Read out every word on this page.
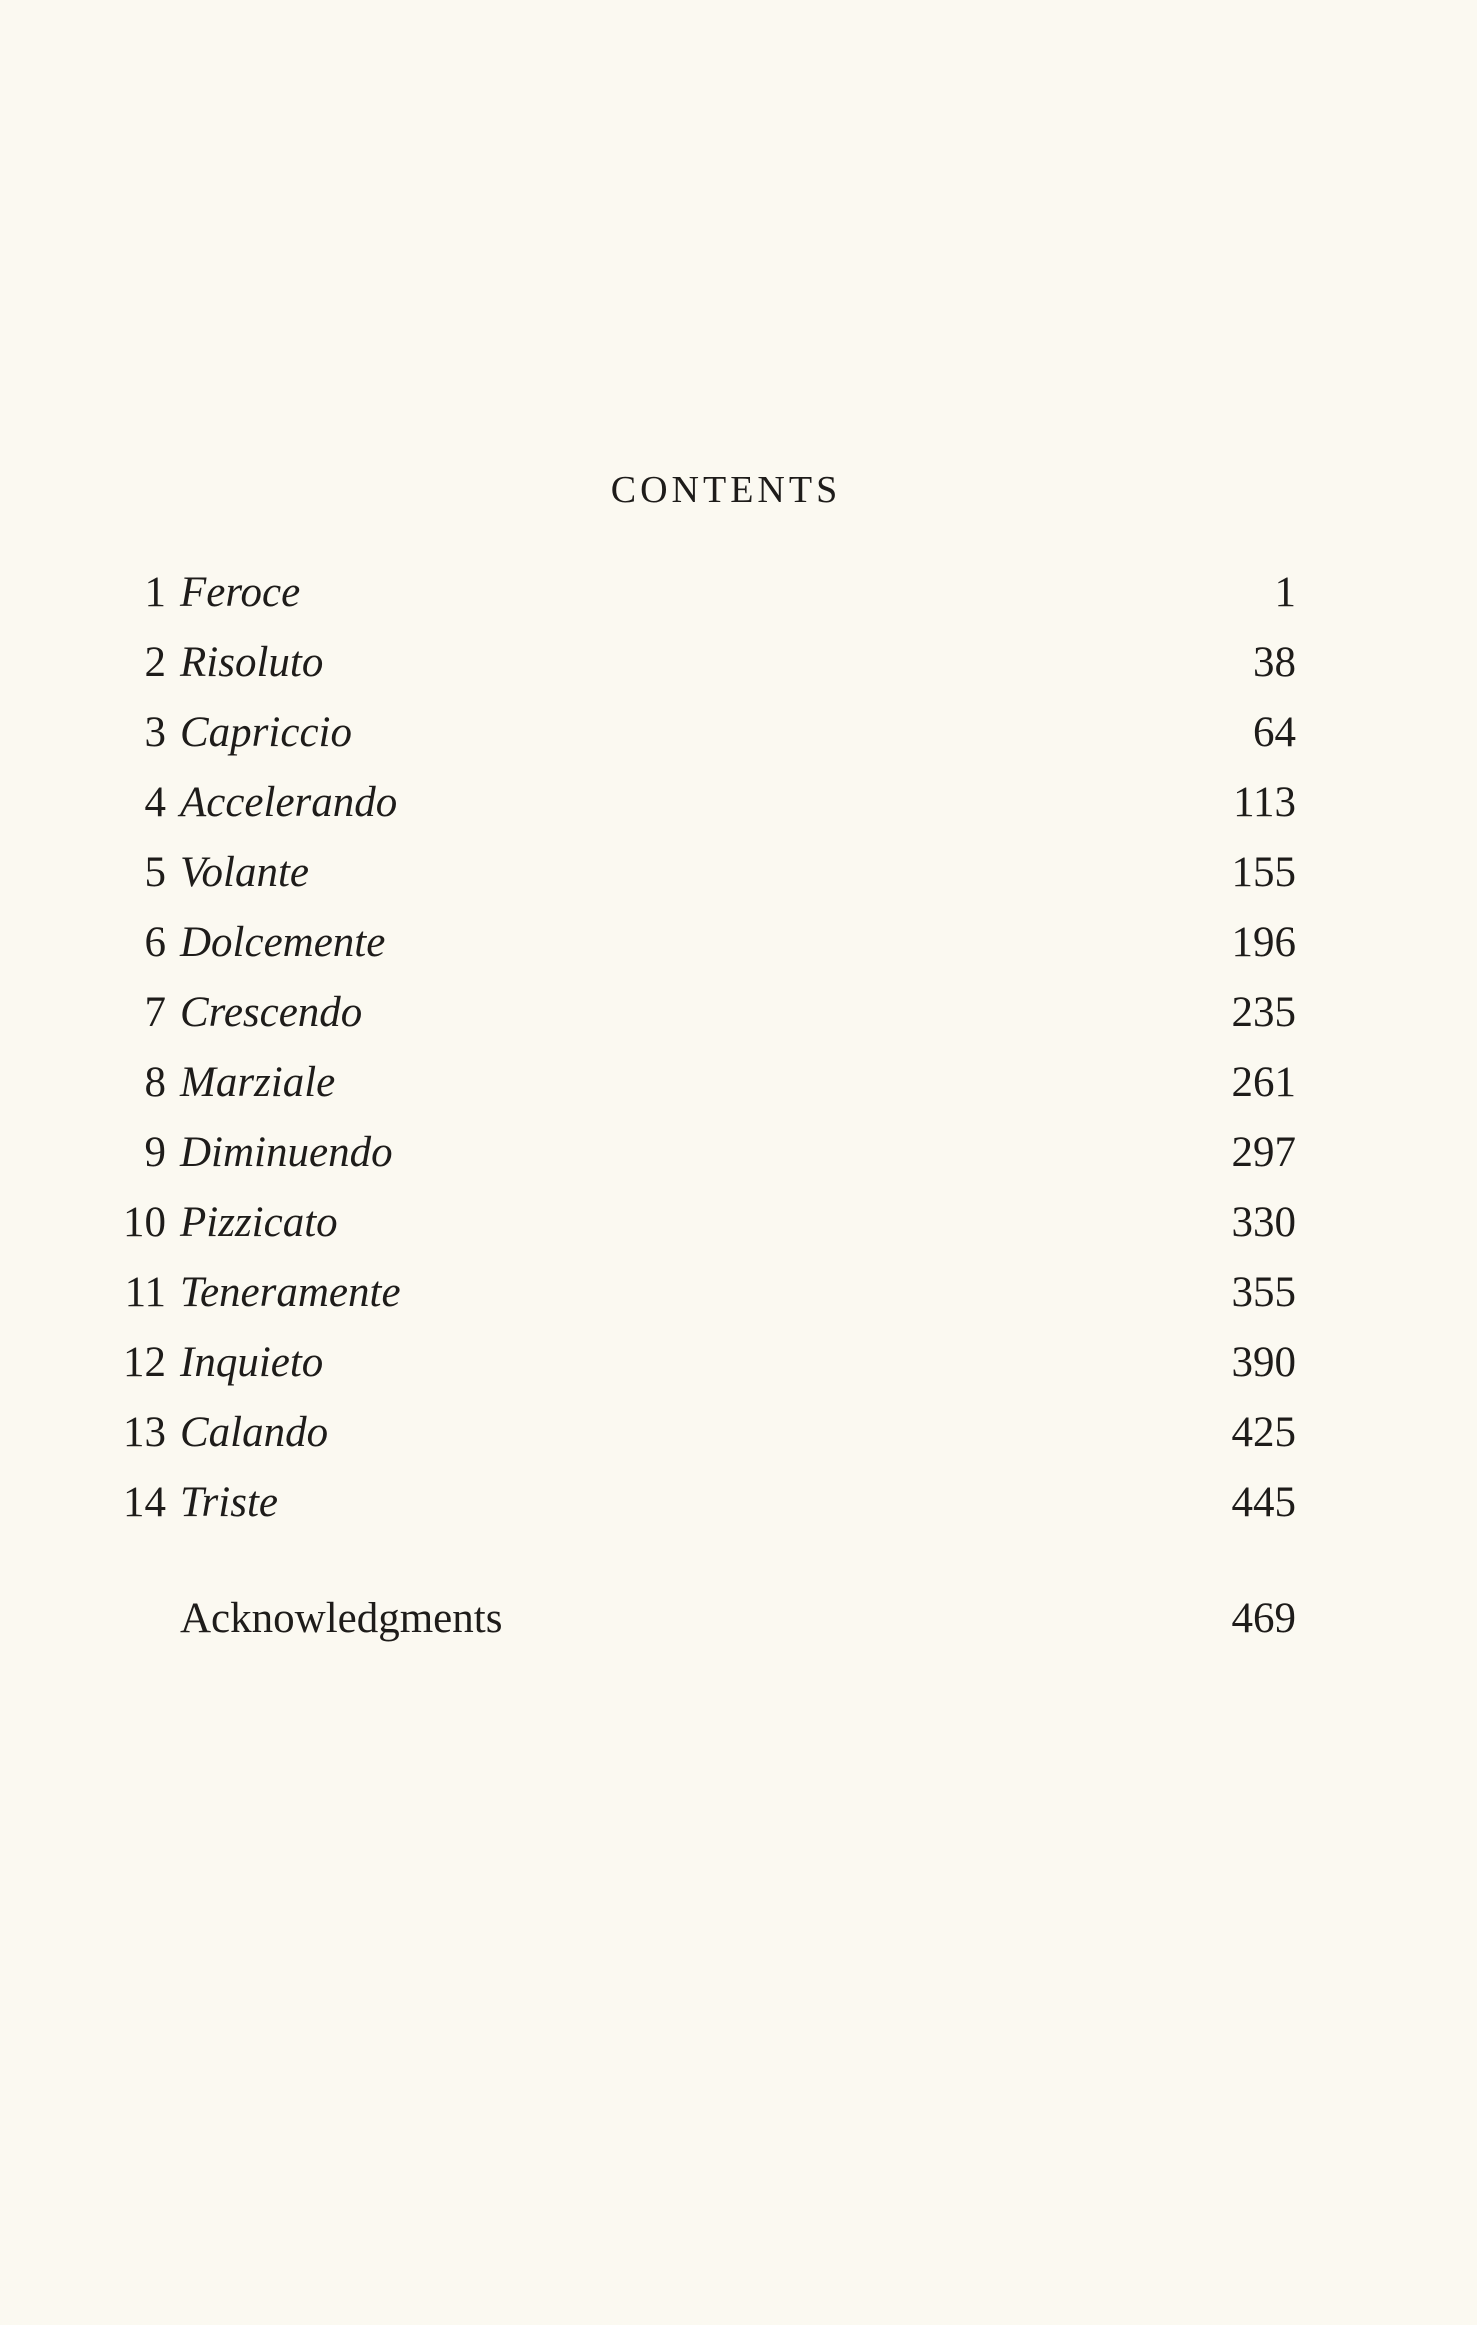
CONTENTS
1 Feroce	1
2 Risoluto	38
3 Capriccio	64
4 Accelerando	113
5 Volante	155
6 Dolcemente	196
7 Crescendo	235
8 Marziale	261
9 Diminuendo	297
10 Pizzicato	330
11 Teneramente	355
12 Inquieto	390
13 Calando	425
14 Triste	445
Acknowledgments	469
